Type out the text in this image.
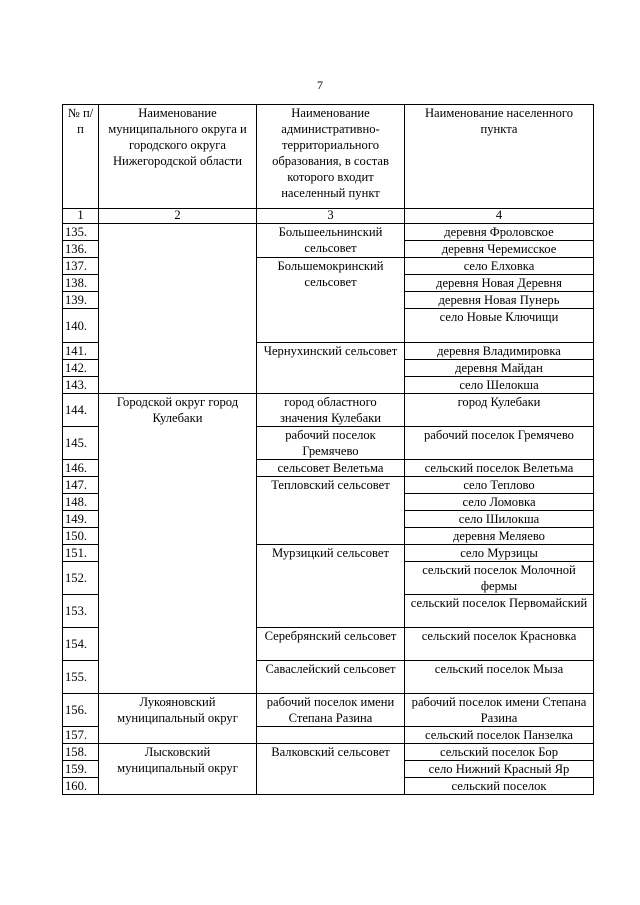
7
№ п/п	Наименование муниципального округа и городского округа Нижегородской области	Наименование административно-территориального образования, в состав которого входит населенный пункт	Наименование населенного пункта
1	2	3	4
135.		Большеельнинский сельсовет	деревня Фроловское
136.			деревня Черемисское
137.		Большемокринский сельсовет	село Елховка
138.			деревня Новая Деревня
139.			деревня Новая Пунерь
140.			село Новые Ключищи
141.		Чернухинский сельсовет	деревня Владимировка
142.			деревня Майдан
143.			село Шелокша
144.	Городской округ город Кулебаки	город областного значения Кулебаки	город Кулебаки
145.		рабочий поселок Гремячево	рабочий поселок Гремячево
146.		сельсовет Велетьма	сельский поселок Велетьма
147.		Тепловский сельсовет	село Теплово
148.			село Ломовка
149.			село Шилокша
150.			деревня Меляево
151.		Мурзицкий сельсовет	село Мурзицы
152.			сельский поселок Молочной фермы
153.			сельский поселок Первомайский
154.		Серебрянский сельсовет	сельский поселок Красновка
155.		Саваслейский сельсовет	сельский поселок Мыза
156.	Лукояновский муниципальный округ	рабочий поселок имени Степана Разина	рабочий поселок имени Степана Разина
157.			сельский поселок Панзелка
158.	Лысковский муниципальный округ	Валковский сельсовет	сельский поселок Бор
159.			село Нижний Красный Яр
160.			сельский поселок
